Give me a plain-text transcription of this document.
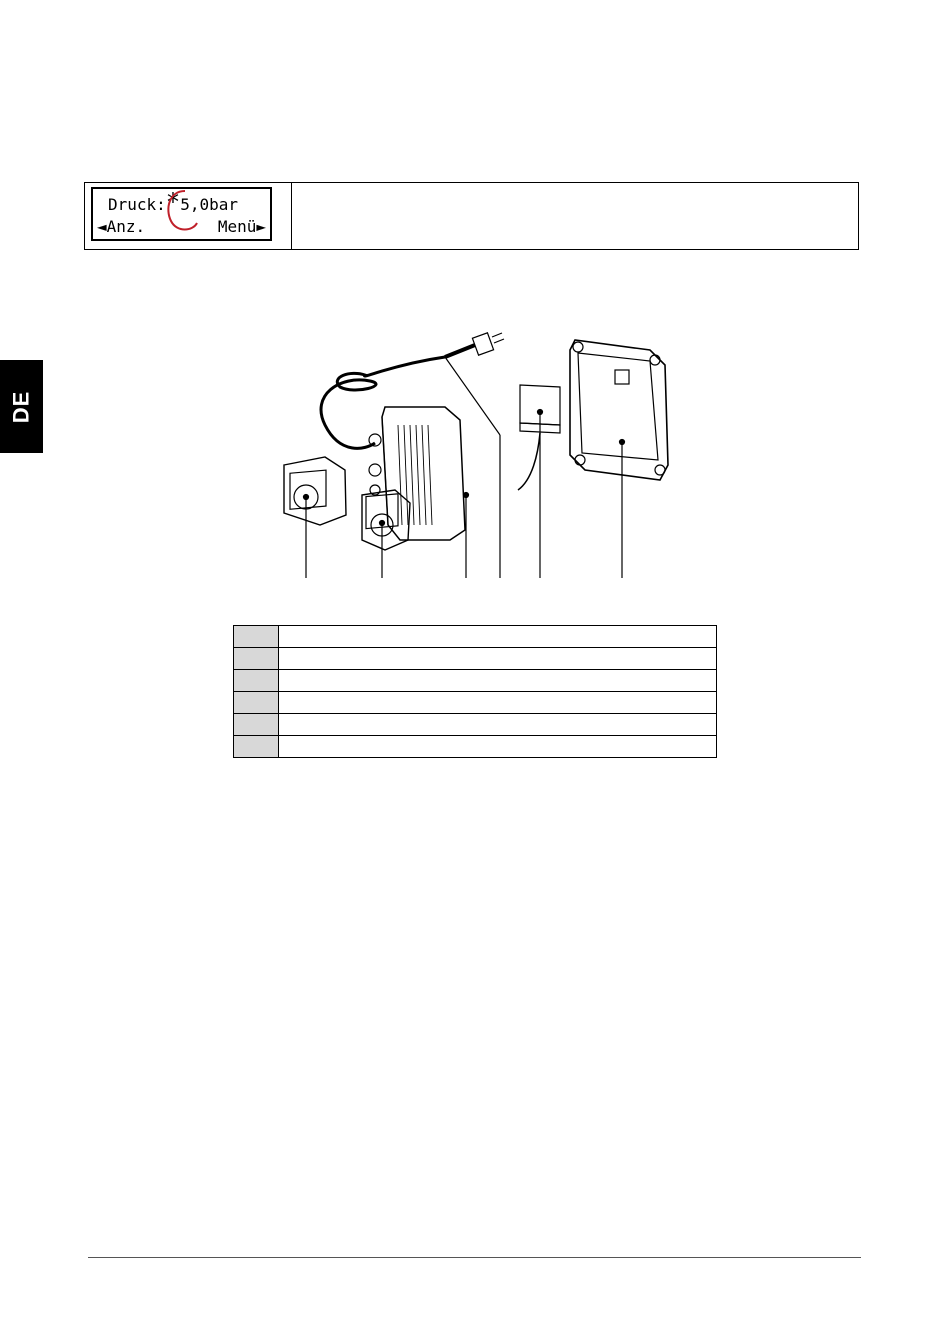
DE
Druck:*5,0bar
◄Anz.	Menü►
